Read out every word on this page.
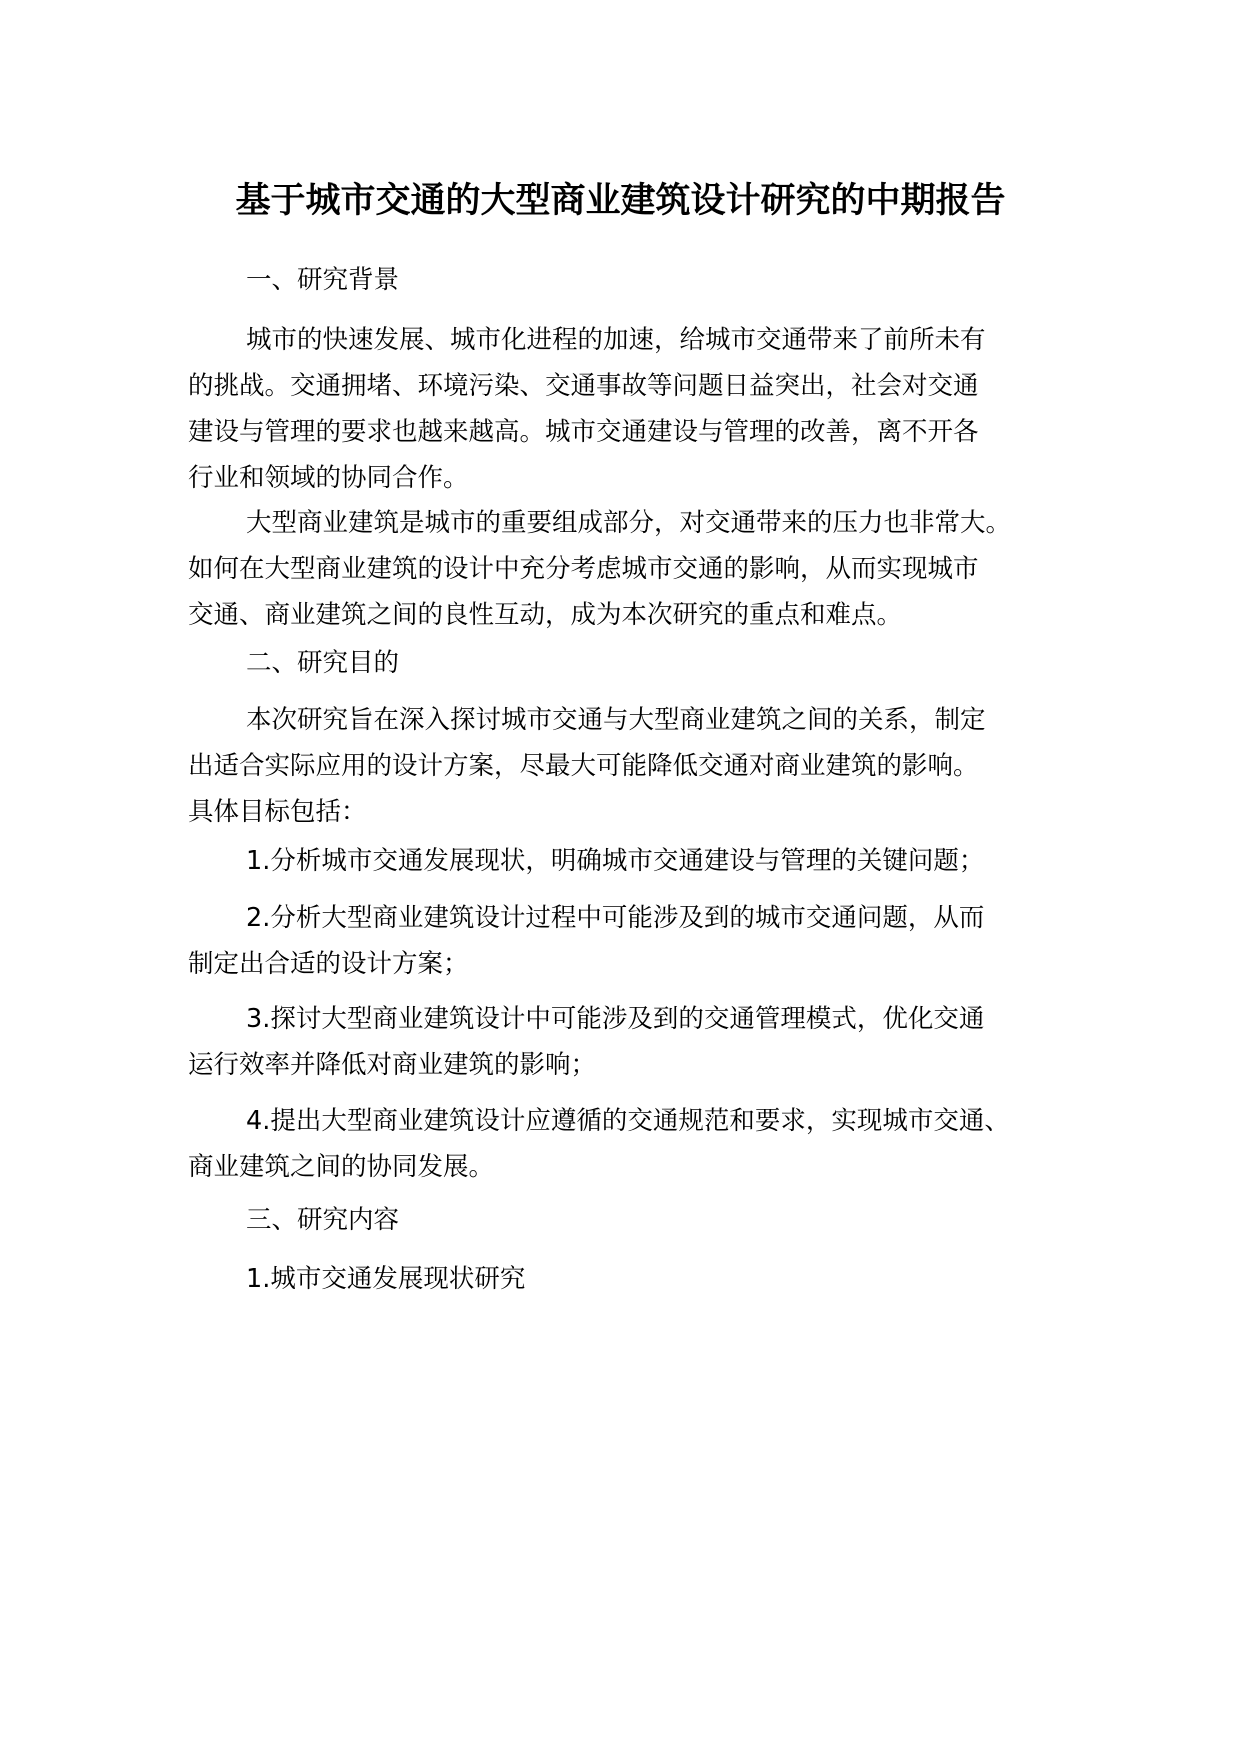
基于城市交通的大型商业建筑设计研究的中期报告
一、研究背景
城市的快速发展、城市化进程的加速，给城市交通带来了前所未有
的挑战。交通拥堵、环境污染、交通事故等问题日益突出，社会对交通
建设与管理的要求也越来越高。城市交通建设与管理的改善，离不开各
行业和领域的协同合作。
大型商业建筑是城市的重要组成部分，对交通带来的压力也非常大。
如何在大型商业建筑的设计中充分考虑城市交通的影响，从而实现城市
交通、商业建筑之间的良性互动，成为本次研究的重点和难点。
二、研究目的
本次研究旨在深入探讨城市交通与大型商业建筑之间的关系，制定
出适合实际应用的设计方案，尽最大可能降低交通对商业建筑的影响。
具体目标包括：
1.分析城市交通发展现状，明确城市交通建设与管理的关键问题；
2.分析大型商业建筑设计过程中可能涉及到的城市交通问题，从而
制定出合适的设计方案；
3.探讨大型商业建筑设计中可能涉及到的交通管理模式，优化交通
运行效率并降低对商业建筑的影响；
4.提出大型商业建筑设计应遵循的交通规范和要求，实现城市交通、
商业建筑之间的协同发展。
三、研究内容
1.城市交通发展现状研究
